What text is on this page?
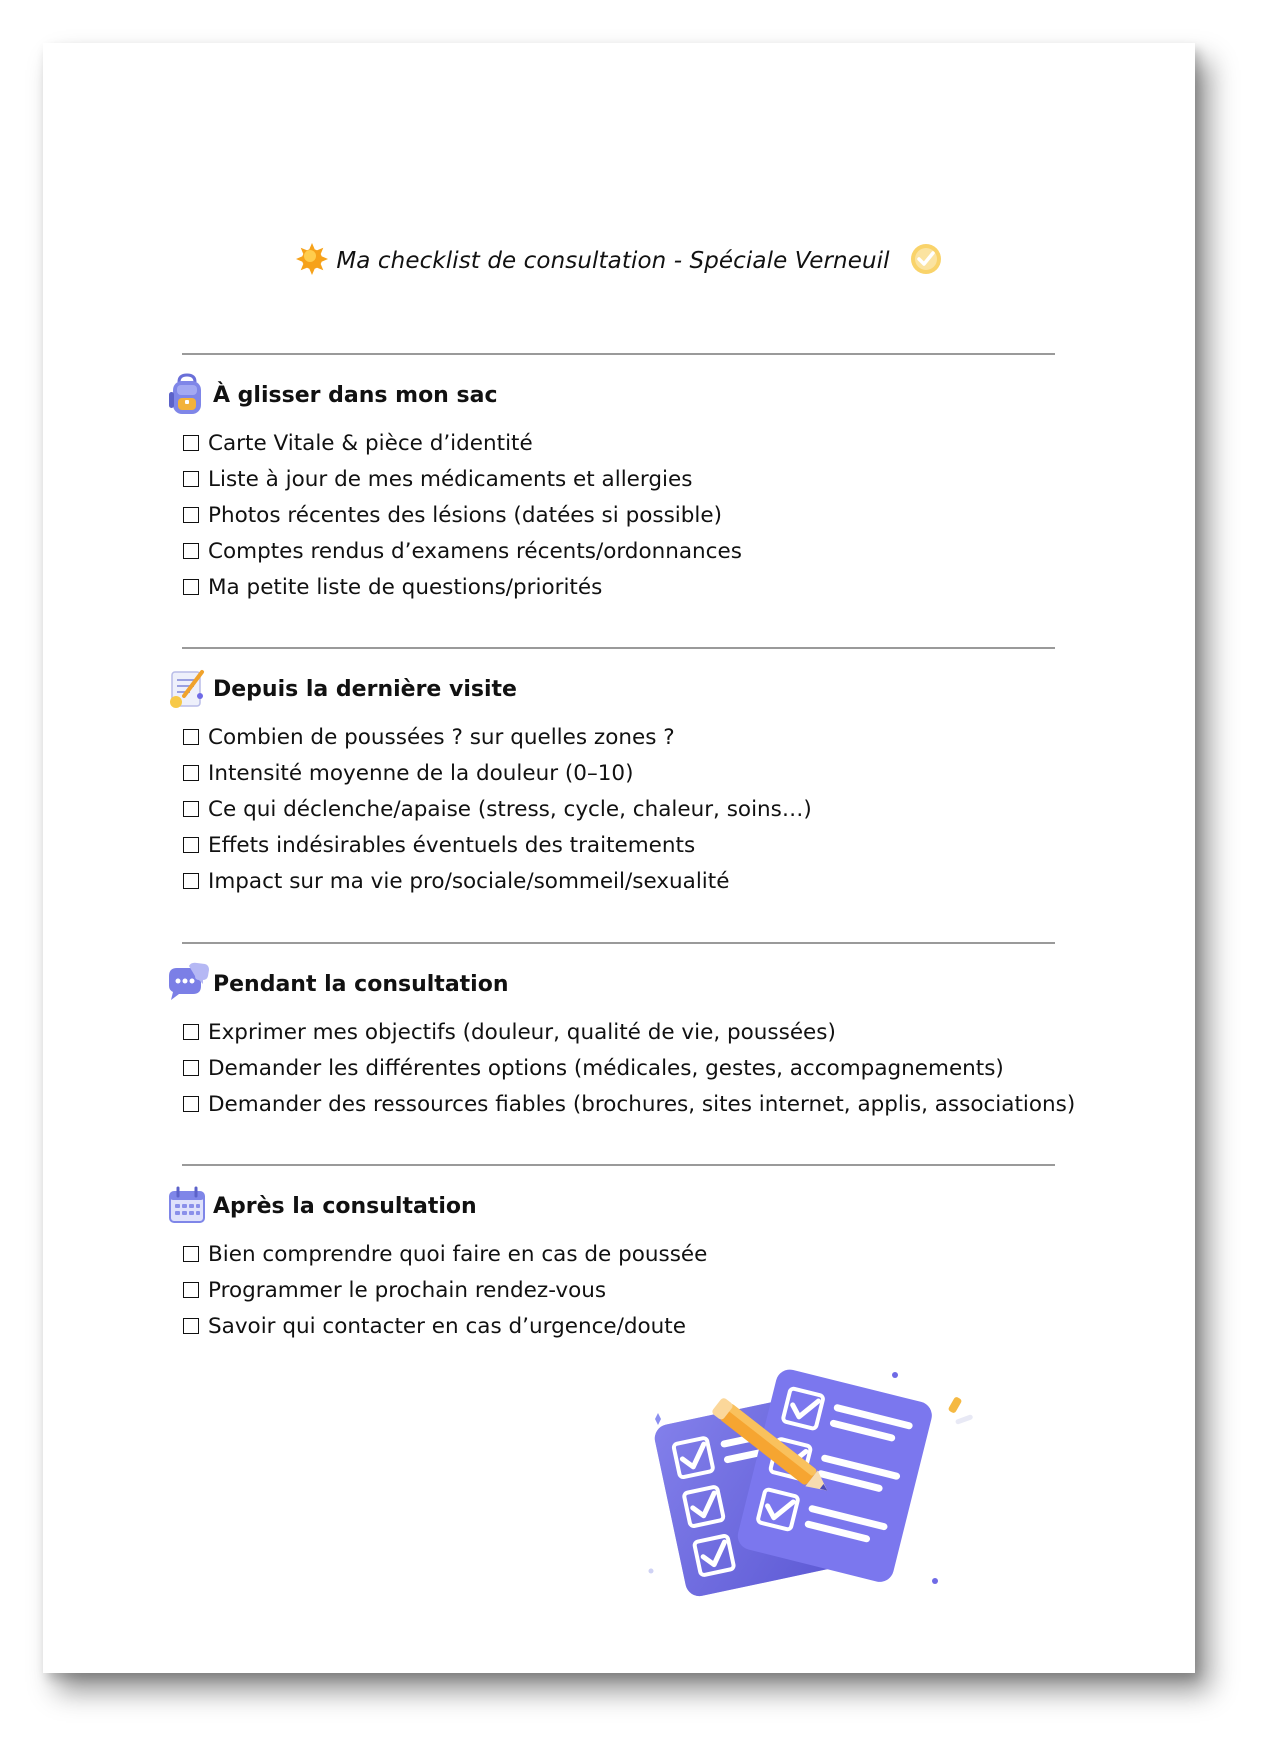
Ma checklist de consultation - Spéciale Verneuil
À glisser dans mon sac
Carte Vitale & pièce d’identité
Liste à jour de mes médicaments et allergies
Photos récentes des lésions (datées si possible)
Comptes rendus d’examens récents/ordonnances
Ma petite liste de questions/priorités
Depuis la dernière visite
Combien de poussées ? sur quelles zones ?
Intensité moyenne de la douleur (0–10)
Ce qui déclenche/apaise (stress, cycle, chaleur, soins…)
Effets indésirables éventuels des traitements
Impact sur ma vie pro/sociale/sommeil/sexualité
Pendant la consultation
Exprimer mes objectifs (douleur, qualité de vie, poussées)
Demander les différentes options (médicales, gestes, accompagnements)
Demander des ressources fiables (brochures, sites internet, applis, associations)
Après la consultation
Bien comprendre quoi faire en cas de poussée
Programmer le prochain rendez-vous
Savoir qui contacter en cas d’urgence/doute
